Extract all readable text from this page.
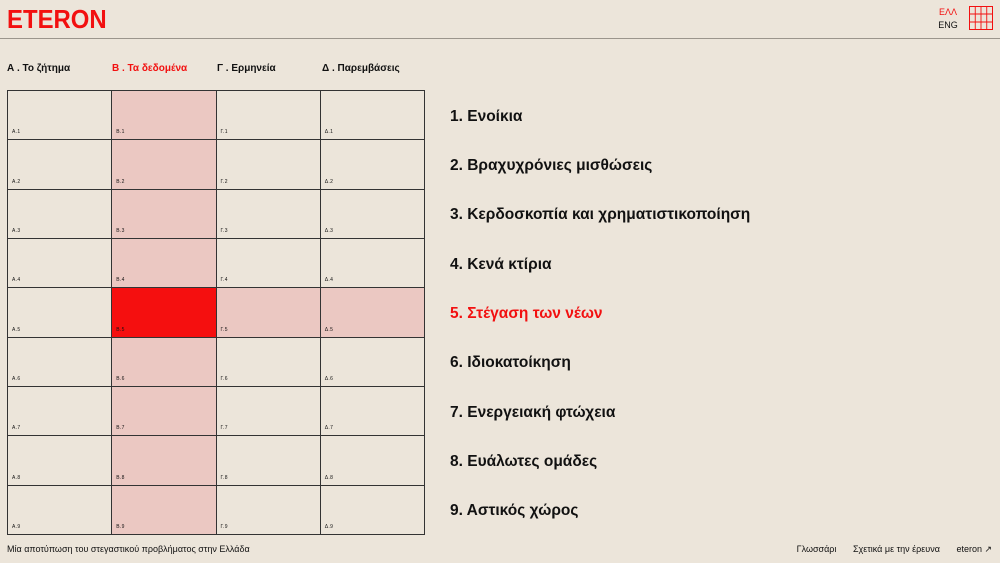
ETERON	ΕΛΛ
ENG
Α . Το ζήτημα	Β . Τα δεδομένα	Γ . Ερμηνεία	Δ . Παρεμβάσεις
Α.1	Β.1	Γ.1	Δ.1
Α.2	Β.2	Γ.2	Δ.2
Α.3	Β.3	Γ.3	Δ.3
Α.4	Β.4	Γ.4	Δ.4
Α.5	Β.5	Γ.5	Δ.5
Α.6	Β.6	Γ.6	Δ.6
Α.7	Β.7	Γ.7	Δ.7
Α.8	Β.8	Γ.8	Δ.8
Α.9	Β.9	Γ.9	Δ.9
1. Ενοίκια
2. Βραχυχρόνιες μισθώσεις
3. Κερδοσκοπία και χρηματιστικοποίηση
4. Κενά κτίρια
5. Στέγαση των νέων
6. Ιδιοκατοίκηση
7. Ενεργειακή φτώχεια
8. Ευάλωτες ομάδες
9. Αστικός χώρος
Μία αποτύπωση του στεγαστικού προβλήματος στην Ελλάδα	Γλωσσάρι Σχετικά με την έρευνα eteron ↗
